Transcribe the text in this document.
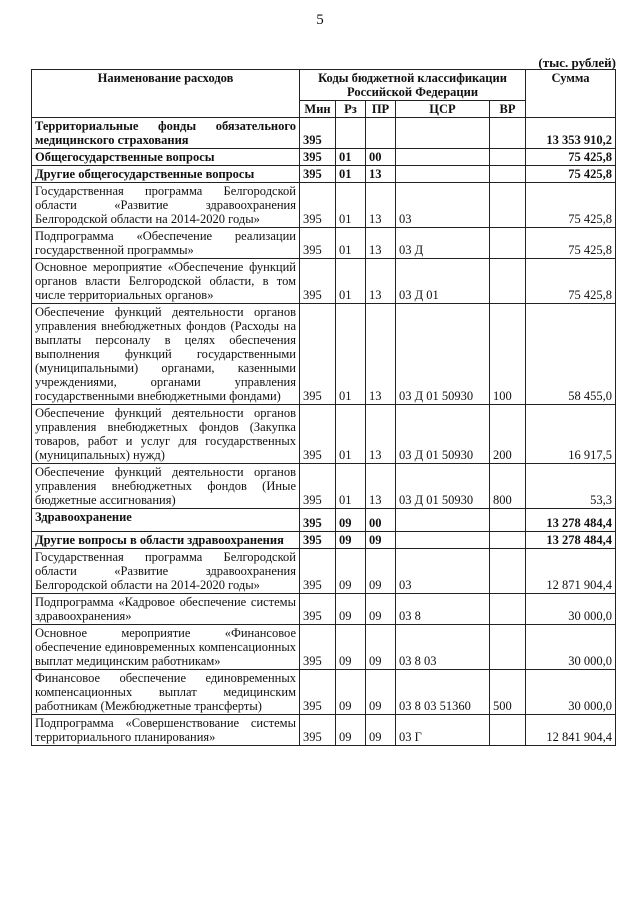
5
(тыс. рублей)
Наименование расходов	Коды бюджетной классификации Российской Федерации					Сумма
	Мин	Рз	ПР	ЦСР	ВР	
Территориальные фонды обязательного медицинского страхования	395					13 353 910,2
Общегосударственные вопросы	395	01	00			75 425,8
Другие общегосударственные вопросы	395	01	13			75 425,8
Государственная программа Белгородской области «Развитие здравоохранения Белгородской области на 2014-2020 годы»	395	01	13	03		75 425,8
Подпрограмма «Обеспечение реализации государственной программы»	395	01	13	03 Д		75 425,8
Основное мероприятие «Обеспечение функций органов власти Белгородской области, в том числе территориальных органов»	395	01	13	03 Д 01		75 425,8
Обеспечение функций деятельности органов управления внебюджетных фондов (Расходы на выплаты персоналу в целях обеспечения выполнения функций государственными (муниципальными) органами, казенными учреждениями, органами управления государственными внебюджетными фондами)	395	01	13	03 Д 01 50930	100	58 455,0
Обеспечение функций деятельности органов управления внебюджетных фондов (Закупка товаров, работ и услуг для государственных (муниципальных) нужд)	395	01	13	03 Д 01 50930	200	16 917,5
Обеспечение функций деятельности органов управления внебюджетных фондов (Иные бюджетные ассигнования)	395	01	13	03 Д 01 50930	800	53,3
Здравоохранение	395	09	00			13 278 484,4
Другие вопросы в области здравоохранения	395	09	09			13 278 484,4
Государственная программа Белгородской области «Развитие здравоохранения Белгородской области на 2014-2020 годы»	395	09	09	03		12 871 904,4
Подпрограмма «Кадровое обеспечение системы здравоохранения»	395	09	09	03 8		30 000,0
Основное мероприятие «Финансовое обеспечение единовременных компенсационных выплат медицинским работникам»	395	09	09	03 8 03		30 000,0
Финансовое обеспечение единовременных компенсационных выплат медицинским работникам (Межбюджетные трансферты)	395	09	09	03 8 03 51360	500	30 000,0
Подпрограмма «Совершенствование системы территориального планирования»	395	09	09	03 Г		12 841 904,4
